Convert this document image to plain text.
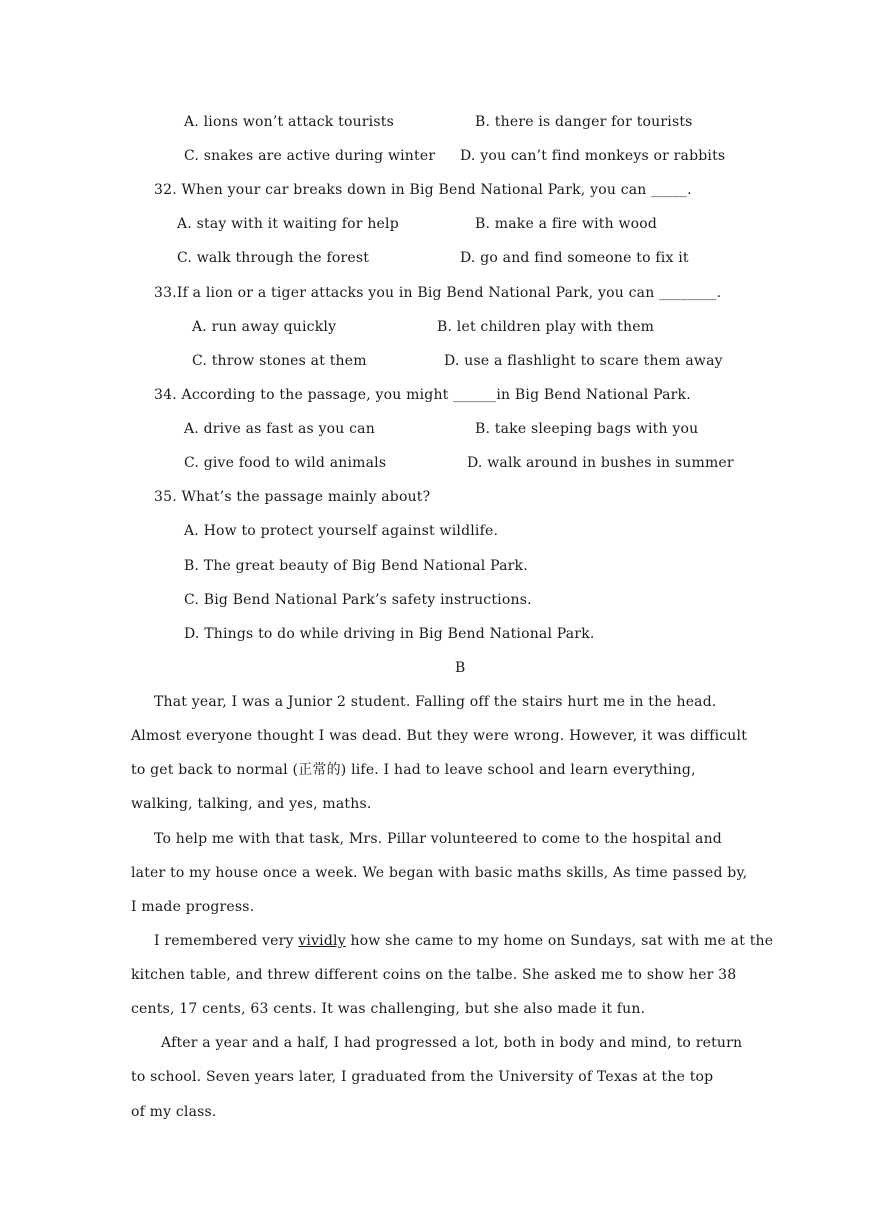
A. lions won’t attack tourists	B. there is danger for tourists
C. snakes are active during winter D. you can’t find monkeys or rabbits
32. When your car breaks down in Big Bend National Park, you can _____.
A. stay with it waiting for help	B. make a fire with wood
C. walk through the forest	D. go and find someone to fix it
33.If a lion or a tiger attacks you in Big Bend National Park, you can ________.
A. run away quickly	B. let children play with them
C. throw stones at them	D. use a flashlight to scare them away
34. According to the passage, you might ______in Big Bend National Park.
A. drive as fast as you can	B. take sleeping bags with you
C. give food to wild animals	D. walk around in bushes in summer
35. What’s the passage mainly about?
A. How to protect yourself against wildlife.
B. The great beauty of Big Bend National Park.
C. Big Bend National Park’s safety instructions.
D. Things to do while driving in Big Bend National Park.
B
That year, I was a Junior 2 student. Falling off the stairs hurt me in the head.
Almost everyone thought I was dead. But they were wrong. However, it was difficult
to get back to normal (正常的) life. I had to leave school and learn everything,
walking, talking, and yes, maths.
To help me with that task, Mrs. Pillar volunteered to come to the hospital and
later to my house once a week. We began with basic maths skills, As time passed by,
I made progress.
I remembered very vividly how she came to my home on Sundays, sat with me at the
kitchen table, and threw different coins on the talbe. She asked me to show her 38
cents, 17 cents, 63 cents. It was challenging, but she also made it fun.
After a year and a half, I had progressed a lot, both in body and mind, to return
to school. Seven years later, I graduated from the University of Texas at the top
of my class.
